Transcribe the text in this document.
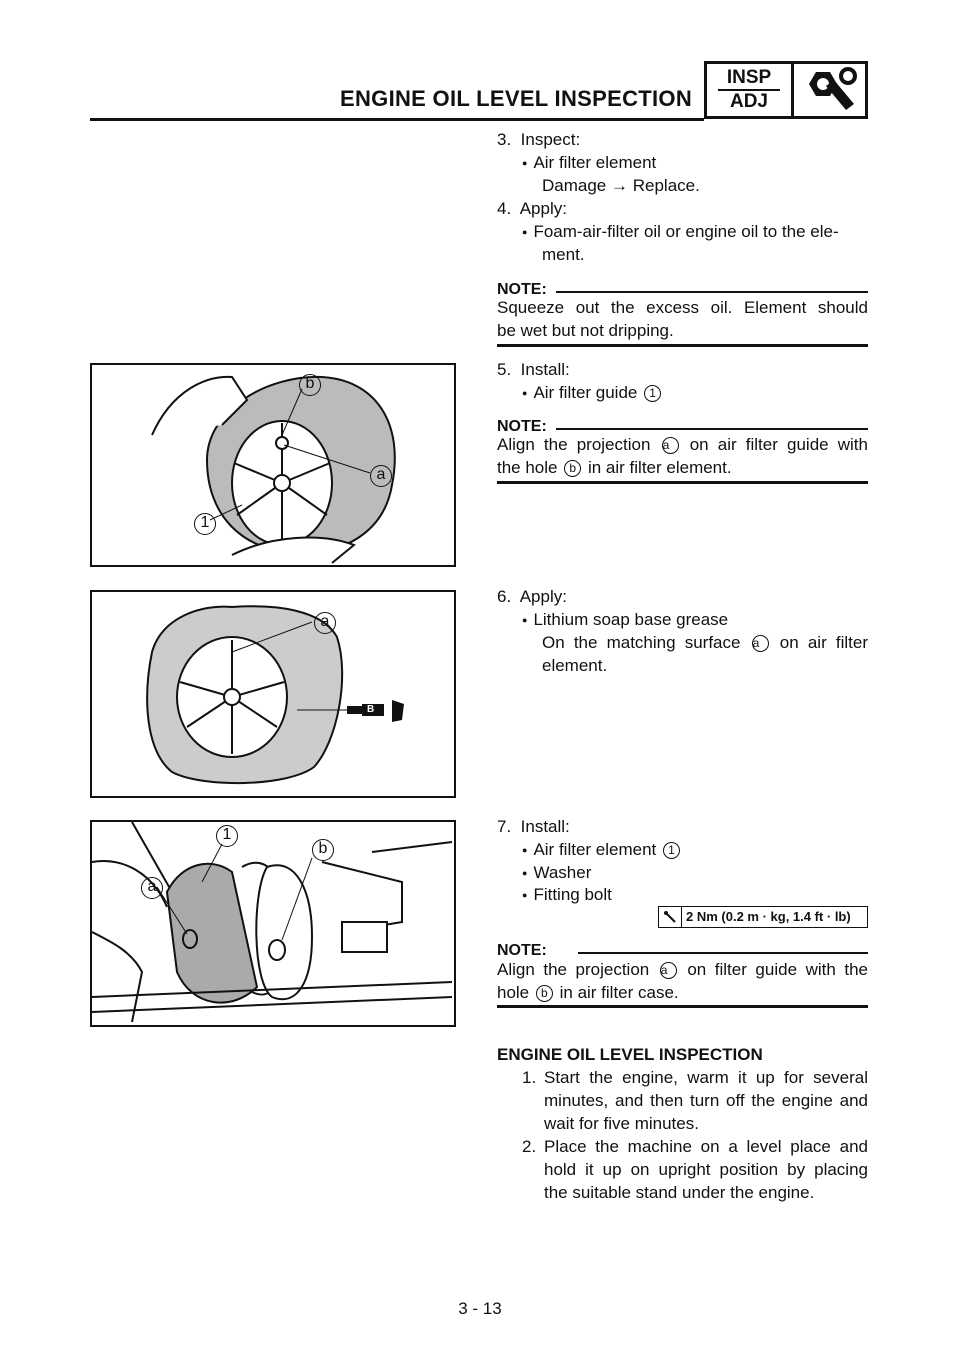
ENGINE OIL LEVEL INSPECTION
INSP
ADJ
3. Inspect:
● Air filter element
Damage → Replace.
4. Apply:
● Foam-air-filter oil or engine oil to the ele-
ment.
NOTE:
Squeeze out the excess oil. Element should
be wet but not dripping.
b
a
1
5. Install:
● Air filter guide 1
NOTE:
Align the projection a on air filter guide with
the hole b in air filter element.
a
B
6. Apply:
● Lithium soap base grease
On the matching surface a on air filter
element.
1
b
a
7. Install:
● Air filter element 1
● Washer
● Fitting bolt
2 Nm (0.2 m · kg, 1.4 ft · lb)
NOTE:
Align the projection a on filter guide with the
hole b in air filter case.
ENGINE OIL LEVEL INSPECTION
1. Start the engine, warm it up for several
minutes, and then turn off the engine and
wait for five minutes.
2. Place the machine on a level place and
hold it up on upright position by placing
the suitable stand under the engine.
3 - 13
